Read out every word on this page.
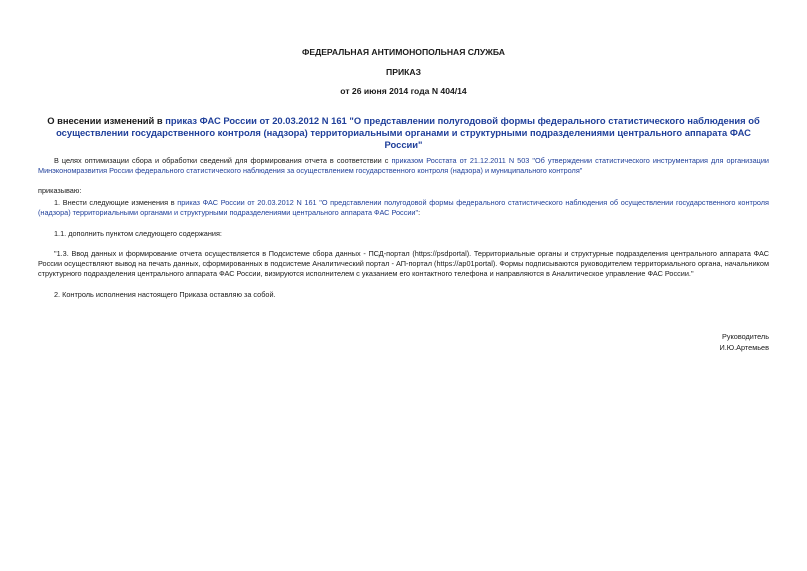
ФЕДЕРАЛЬНАЯ АНТИМОНОПОЛЬНАЯ СЛУЖБА
ПРИКАЗ
от 26 июня 2014 года N 404/14
О внесении изменений в приказ ФАС России от 20.03.2012 N 161 "О представлении полугодовой формы федерального статистического наблюдения об осуществлении государственного контроля (надзора) территориальными органами и структурными подразделениями центрального аппарата ФАС России"
В целях оптимизации сбора и обработки сведений для формирования отчета в соответствии с приказом Росстата от 21.12.2011 N 503 "Об утверждении статистического инструментария для организации Минэкономразвития России федерального статистического наблюдения за осуществлением государственного контроля (надзора) и муниципального контроля"
приказываю:
1. Внести следующие изменения в приказ ФАС России от 20.03.2012 N 161 "О представлении полугодовой формы федерального статистического наблюдения об осуществлении государственного контроля (надзора) территориальными органами и структурными подразделениями центрального аппарата ФАС России":
1.1. дополнить пунктом следующего содержания:
"1.3. Ввод данных и формирование отчета осуществляется в Подсистеме сбора данных - ПСД-портал (https://psdportal). Территориальные органы и структурные подразделения центрального аппарата ФАС России осуществляют вывод на печать данных, сформированных в подсистеме Аналитический портал - АП-портал (https://ap01portal). Формы подписываются руководителем территориального органа, начальником структурного подразделения центрального аппарата ФАС России, визируются исполнителем с указанием его контактного телефона и направляются в Аналитическое управление ФАС России."
2. Контроль исполнения настоящего Приказа оставляю за собой.
Руководитель
И.Ю.Артемьев
